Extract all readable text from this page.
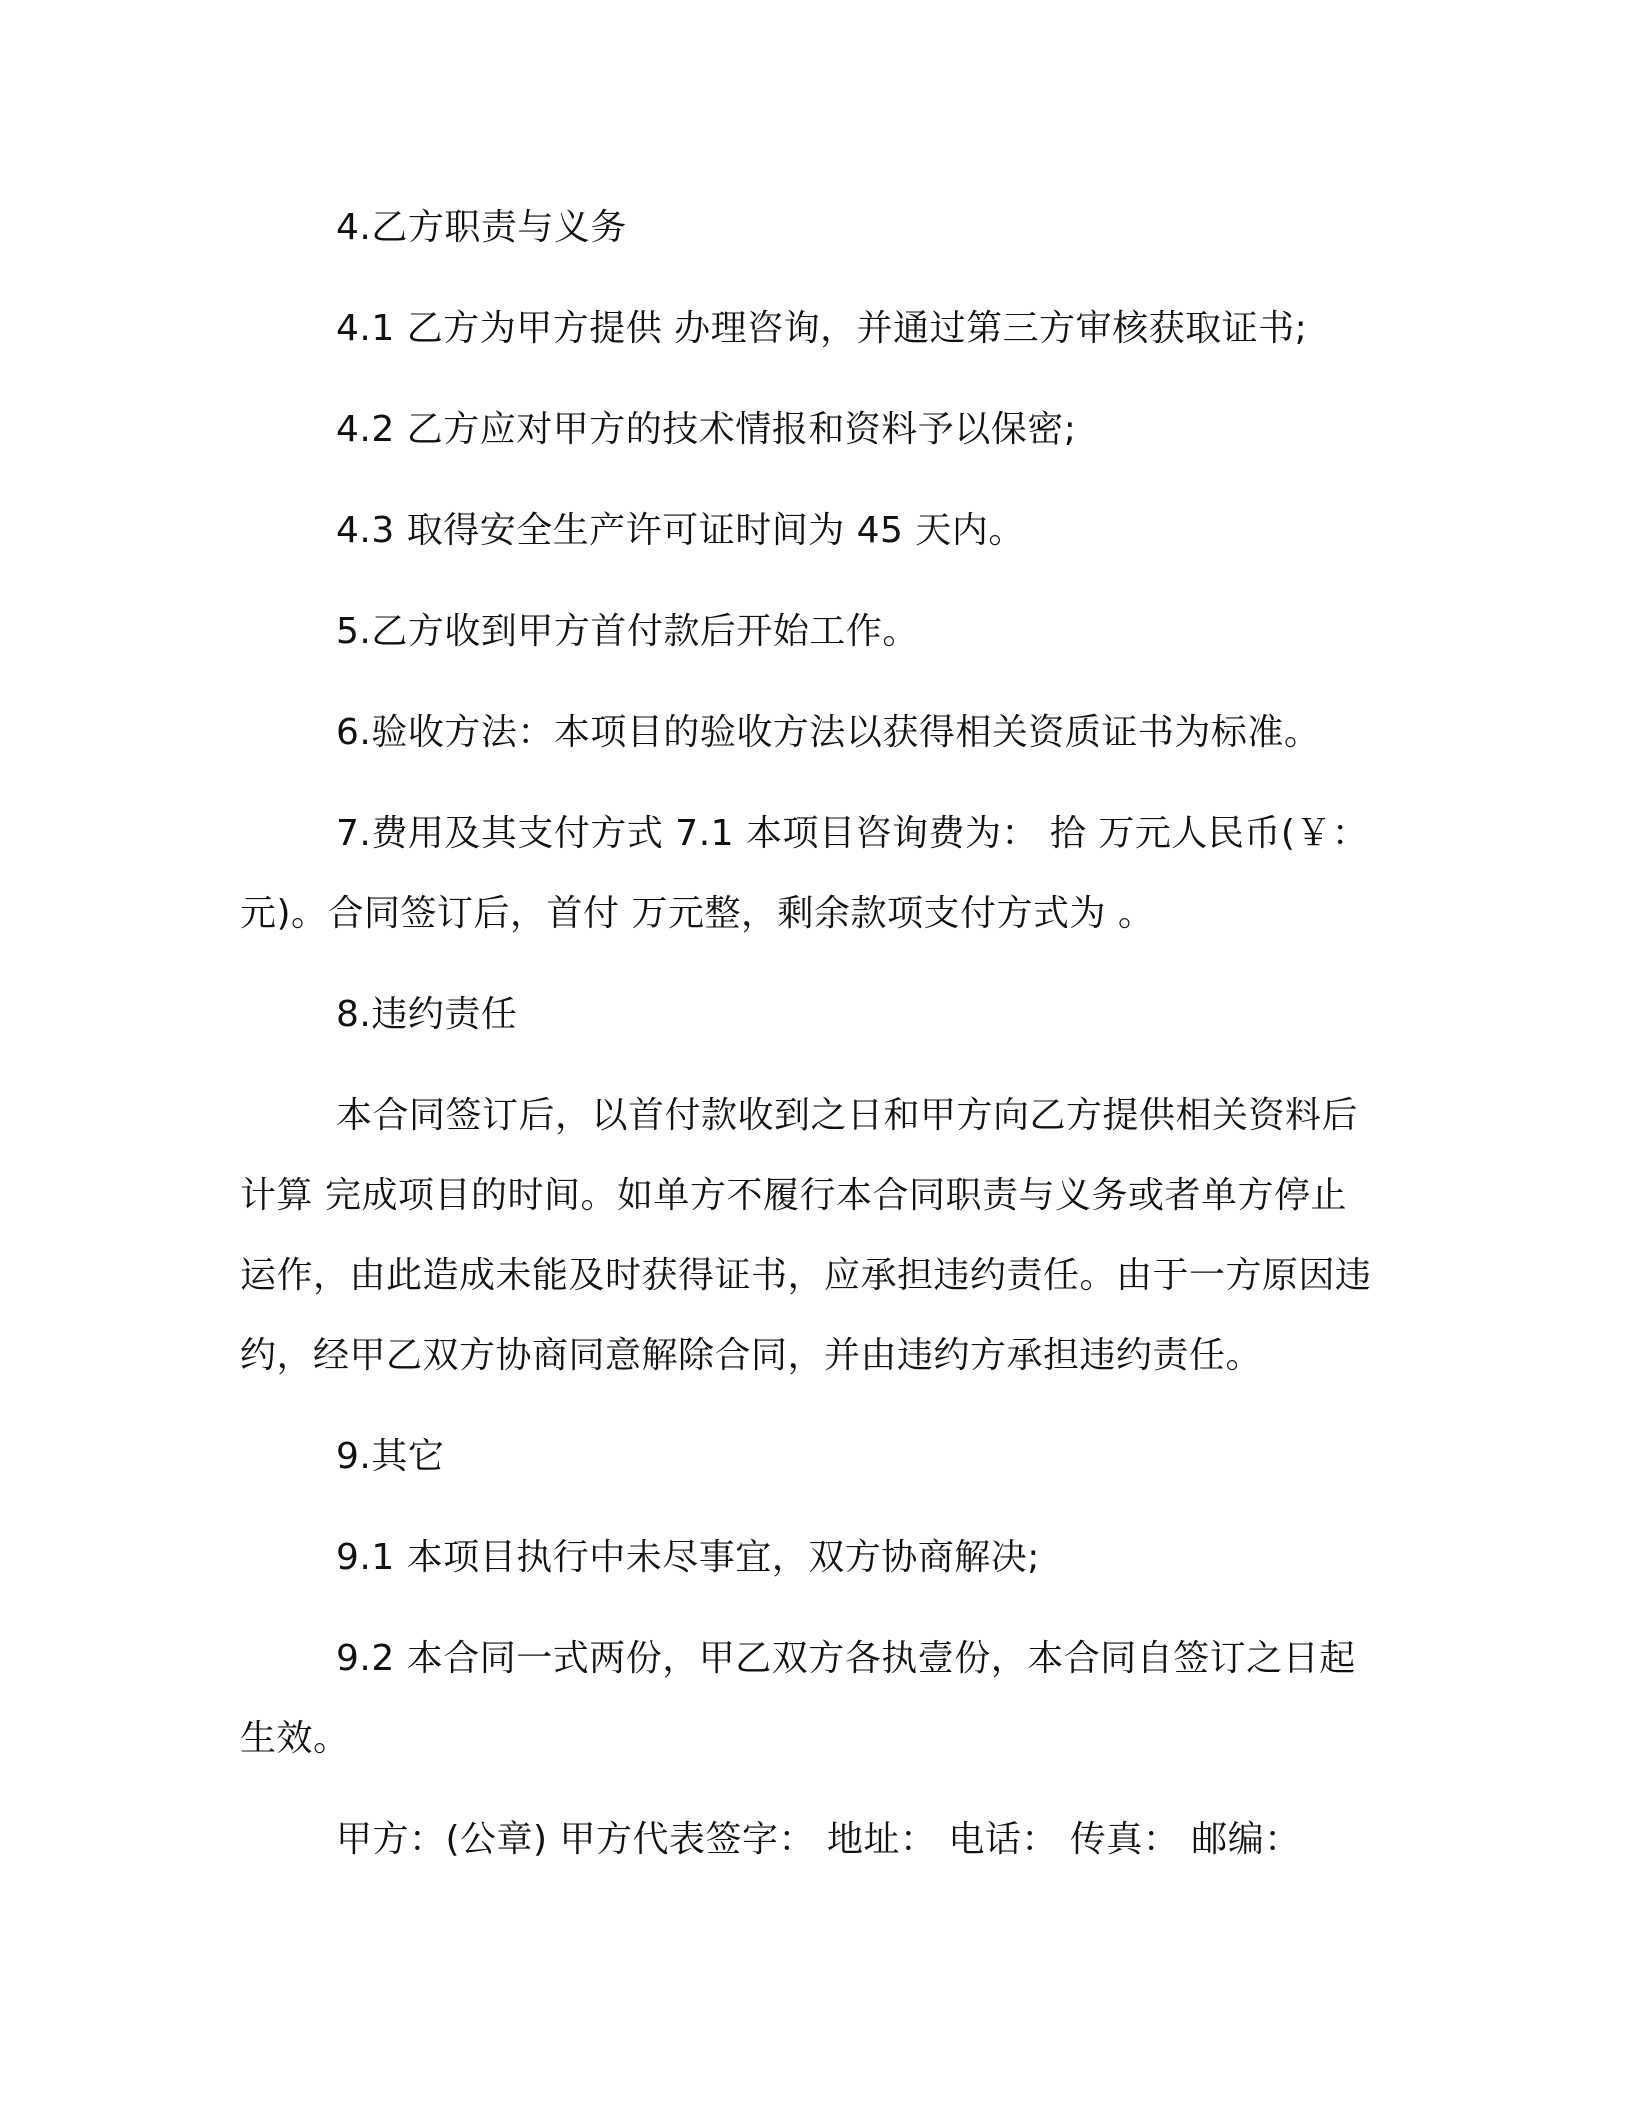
4.乙方职责与义务

4.1 乙方为甲方提供 办理咨询，并通过第三方审核获取证书;

4.2 乙方应对甲方的技术情报和资料予以保密;

4.3 取得安全生产许可证时间为 45 天内。

5.乙方收到甲方首付款后开始工作。

6.验收方法：本项目的验收方法以获得相关资质证书为标准。

7.费用及其支付方式 7.1 本项目咨询费为： 拾 万元人民币(￥： 元)。合同签订后，首付 万元整，剩余款项支付方式为 。

8.违约责任

本合同签订后，以首付款收到之日和甲方向乙方提供相关资料后计算 完成项目的时间。如单方不履行本合同职责与义务或者单方停止运作，由此造成未能及时获得证书，应承担违约责任。由于一方原因违约，经甲乙双方协商同意解除合同，并由违约方承担违约责任。

9.其它

9.1 本项目执行中未尽事宜，双方协商解决;

9.2 本合同一式两份，甲乙双方各执壹份，本合同自签订之日起生效。

甲方：(公章) 甲方代表签字： 地址： 电话： 传真： 邮编：
